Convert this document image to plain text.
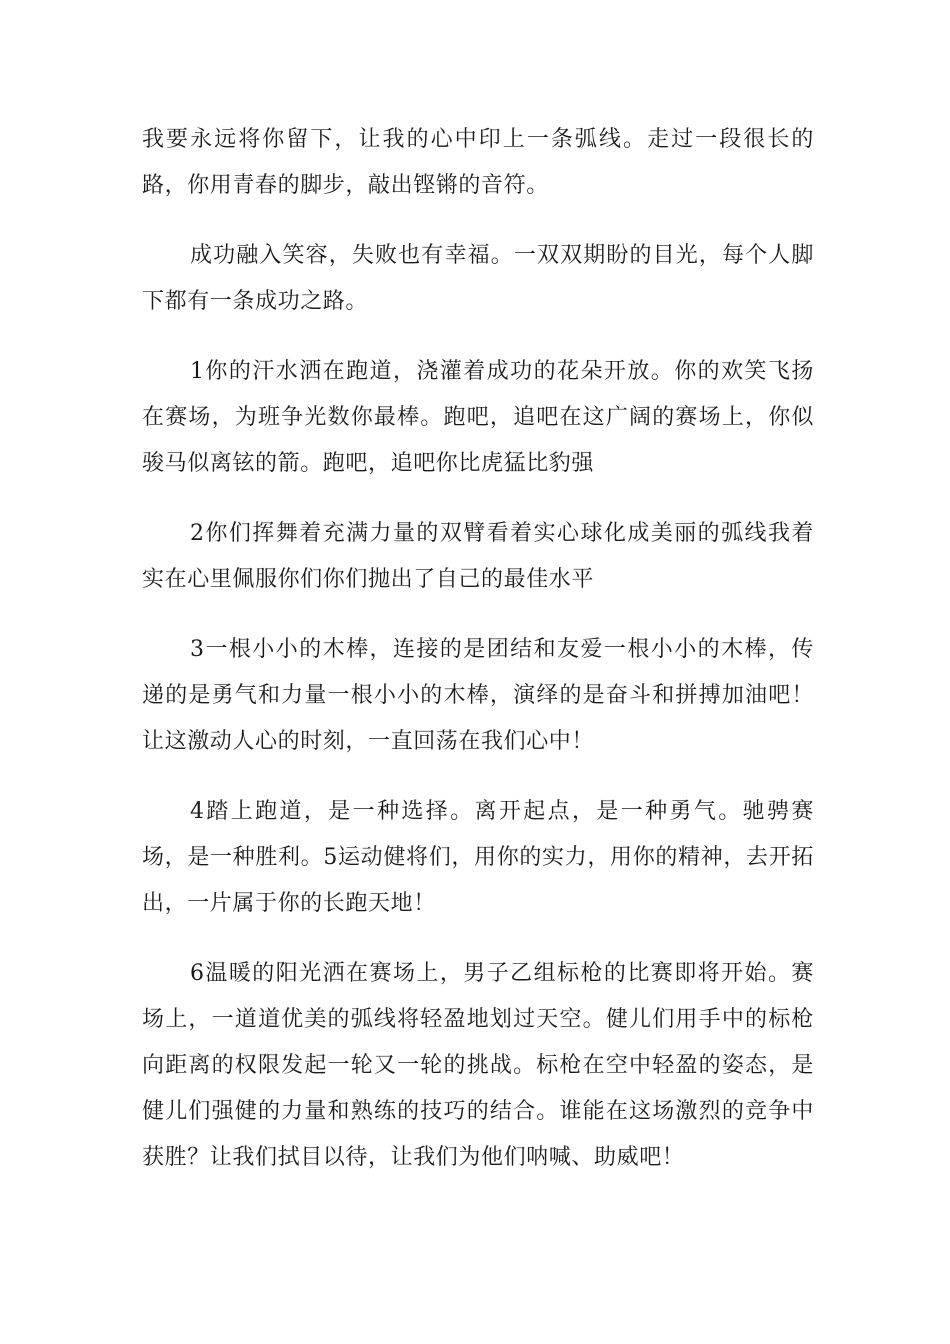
我要永远将你留下，让我的心中印上一条弧线。走过一段很长的路，你用青春的脚步，敲出铿锵的音符。

成功融入笑容，失败也有幸福。一双双期盼的目光，每个人脚下都有一条成功之路。

1你的汗水洒在跑道，浇灌着成功的花朵开放。你的欢笑飞扬在赛场，为班争光数你最棒。跑吧，追吧在这广阔的赛场上，你似骏马似离铉的箭。跑吧，追吧你比虎猛比豹强

2你们挥舞着充满力量的双臂看着实心球化成美丽的弧线我着实在心里佩服你们你们抛出了自己的最佳水平

3一根小小的木棒，连接的是团结和友爱一根小小的木棒，传递的是勇气和力量一根小小的木棒，演绎的是奋斗和拼搏加油吧！让这激动人心的时刻，一直回荡在我们心中！

4踏上跑道，是一种选择。离开起点，是一种勇气。驰骋赛场，是一种胜利。5运动健将们，用你的实力，用你的精神，去开拓出，一片属于你的长跑天地！

6温暖的阳光洒在赛场上，男子乙组标枪的比赛即将开始。赛场上，一道道优美的弧线将轻盈地划过天空。健儿们用手中的标枪向距离的权限发起一轮又一轮的挑战。标枪在空中轻盈的姿态，是健儿们强健的力量和熟练的技巧的结合。谁能在这场激烈的竞争中获胜？让我们拭目以待，让我们为他们呐喊、助威吧！
